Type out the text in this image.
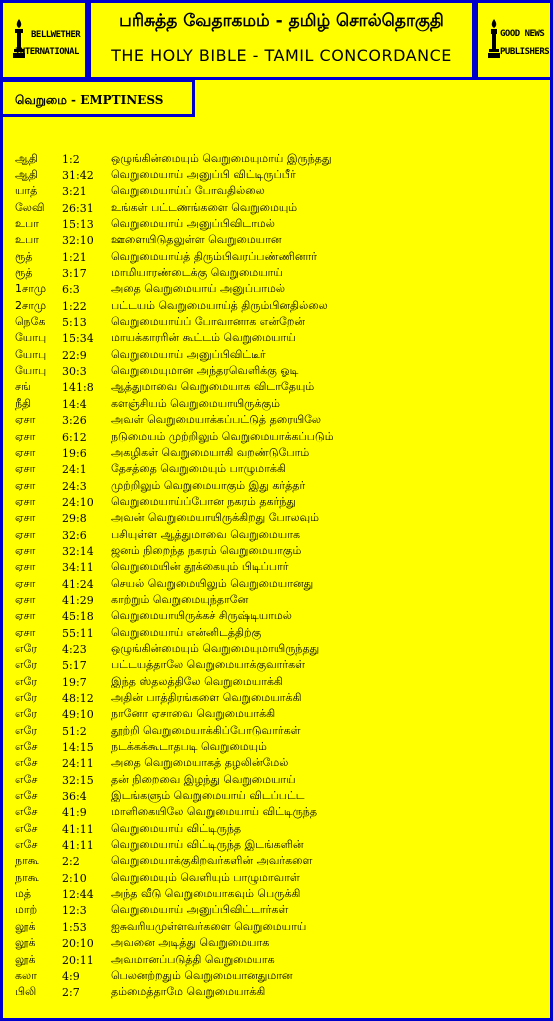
BELLWETHER
INTERNATIONAL
பரிசுத்த வேதாகமம் - தமிழ் சொல்தொகுதி
THE HOLY BIBLE - TAMIL CONCORDANCE
GOOD NEWS
PUBLISHERS
வெறுமை - EMPTINESS
ஆதி	1:2	ஒழுங்கின்மையும் வெறுமையுமாய் இருந்தது
ஆதி	31:42	வெறுமையாய் அனுப்பி விட்டிருப்பீர்
யாத்	3:21	வெறுமையாய்ப் போவதில்லை
லேவி	26:31	உங்கள் பட்டணங்களை வெறுமையும்
உபா	15:13	வெறுமையாய் அனுப்பிவிடாமல்
உபா	32:10	ஊளையிடுதலுள்ள வெறுமையான
ரூத்	1:21	வெறுமையாய்த் திரும்பிவரப்பண்ணினார்
ரூத்	3:17	மாமியாரண்டைக்கு வெறுமையாய்
1சாமு	6:3	அதை வெறுமையாய் அனுப்பாமல்
2சாமு	1:22	பட்டயம் வெறுமையாய்த் திரும்பினதில்லை
நெகே	5:13	வெறுமையாய்ப் போவானாக என்றேன்
யோபு	15:34	மாயக்காரரின் கூட்டம் வெறுமையாய்
யோபு	22:9	வெறுமையாய் அனுப்பிவிட்டீர்
யோபு	30:3	வெறுமையுமான அந்தரவெளிக்கு ஓடி
சங்	141:8	ஆத்துமாவை வெறுமையாக விடாதேயும்
நீதி	14:4	களஞ்சியம் வெறுமையாயிருக்கும்
ஏசா	3:26	அவள் வெறுமையாக்கப்பட்டுத் தரையிலே
ஏசா	6:12	நடுமையம் முற்றிலும் வெறுமையாக்கப்படும்
ஏசா	19:6	அகழிகள் வெறுமையாகி வறண்டுபோம்
ஏசா	24:1	தேசத்தை வெறுமையும் பாழுமாக்கி
ஏசா	24:3	முற்றிலும் வெறுமையாகும் இது கர்த்தர்
ஏசா	24:10	வெறுமையாய்ப்போன நகரம் தகர்ந்து
ஏசா	29:8	அவன் வெறுமையாயிருக்கிறது போலவும்
ஏசா	32:6	பசியுள்ள ஆத்துமாவை வெறுமையாக
ஏசா	32:14	ஜனம் நிறைந்த நகரம் வெறுமையாகும்
ஏசா	34:11	வெறுமையின் தூக்கையும் பிடிப்பார்
ஏசா	41:24	செயல் வெறுமையிலும் வெறுமையானது
ஏசா	41:29	காற்றும் வெறுமையுந்தானே
ஏசா	45:18	வெறுமையாயிருக்கச் சிருஷ்டியாமல்
ஏசா	55:11	வெறுமையாய் என்னிடத்திற்கு
எரே	4:23	ஒழுங்கின்மையும் வெறுமையுமாயிருந்தது
எரே	5:17	பட்டயத்தாலே வெறுமையாக்குவார்கள்
எரே	19:7	இந்த ஸ்தலத்திலே வெறுமையாக்கி
எரே	48:12	அதின் பாத்திரங்களை வெறுமையாக்கி
எரே	49:10	நானோ ஏசாவை வெறுமையாக்கி
எரே	51:2	தூற்றி வெறுமையாக்கிப்போடுவார்கள்
எசே	14:15	நடக்கக்கூடாதபடி வெறுமையும்
எசே	24:11	அதை வெறுமையாகத் தழலின்மேல்
எசே	32:15	தன் நிறைவை இழந்து வெறுமையாய்
எசே	36:4	இடங்களும் வெறுமையாய் விடப்பட்ட
எசே	41:9	மாளிகையிலே வெறுமையாய் விட்டிருந்த
எசே	41:11	வெறுமையாய் விட்டிருந்த
எசே	41:11	வெறுமையாய் விட்டிருந்த இடங்களின்
நாகூ	2:2	வெறுமையாக்குகிறவர்களின் அவர்களை
நாகூ	2:10	வெறுமையும் வெளியும் பாழுமாவாள்
மத்	12:44	அந்த வீடு வெறுமையாகவும் பெருக்கி
மாற்	12:3	வெறுமையாய் அனுப்பிவிட்டார்கள்
லூக்	1:53	ஐசுவரியமுள்ளவர்களை வெறுமையாய்
லூக்	20:10	அவனை அடித்து வெறுமையாக
லூக்	20:11	அவமானப்படுத்தி வெறுமையாக
கலா	4:9	பெலனற்றதும் வெறுமையானதுமான
பிலி	2:7	தம்மைத்தாமே வெறுமையாக்கி
